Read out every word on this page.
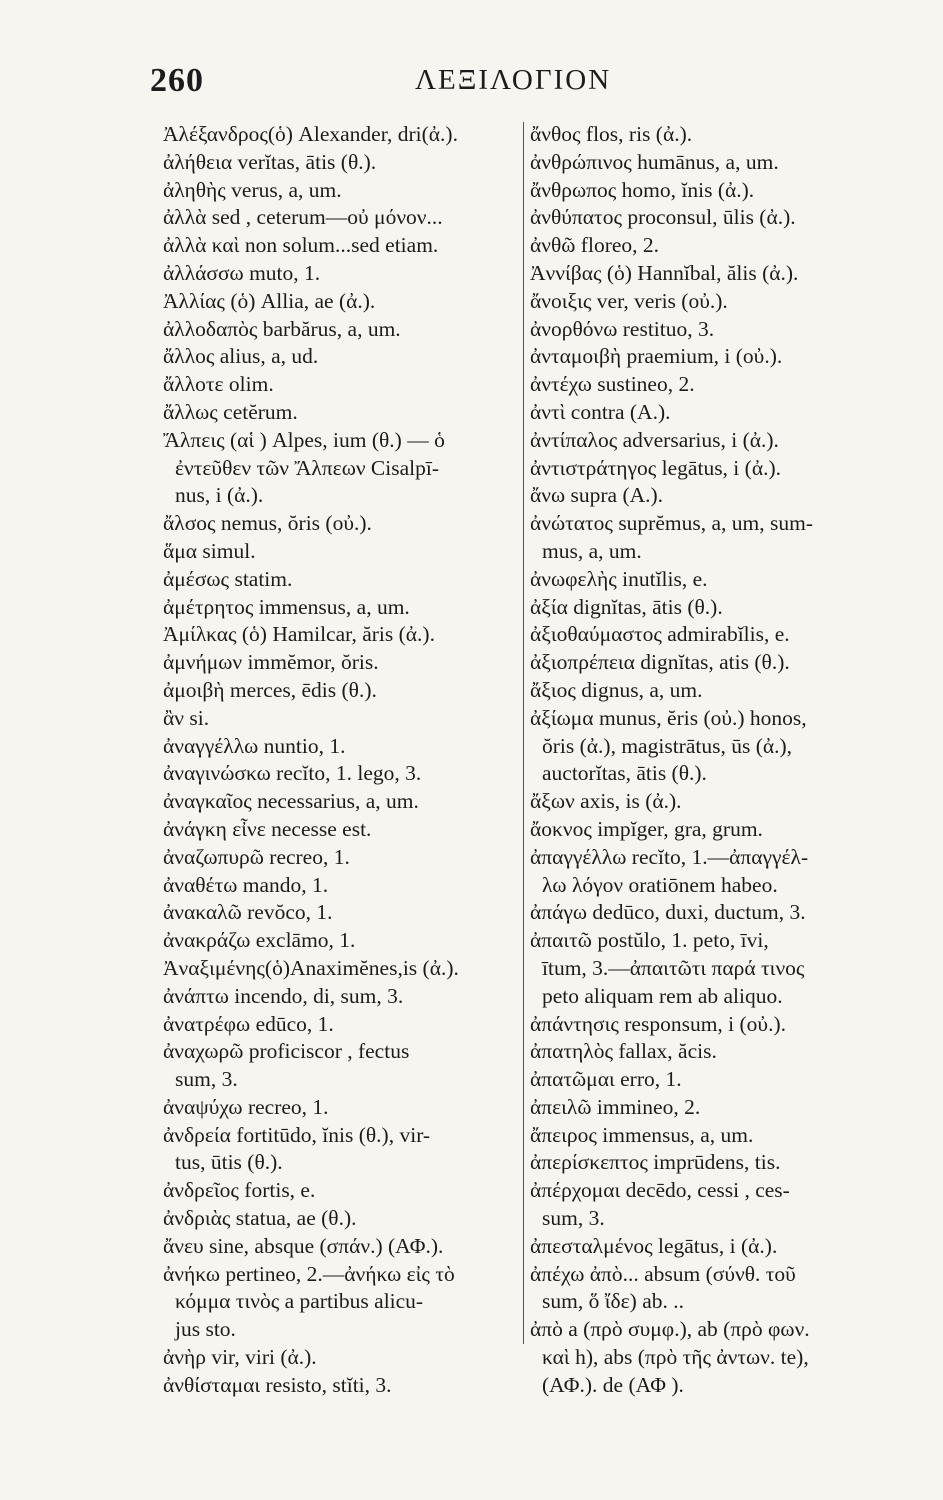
260	ΛΕΞΙΛΟΓΙΟΝ

Ἀλέξανδρος(ὁ) Alexander, dri(ἀ.).

ἀλήθεια verĭtas, ātis (θ.).

ἀληθὴς verus, a, um.

ἀλλὰ sed , ceterum—οὐ μόνον...

ἀλλὰ καὶ non solum...sed etiam.

ἀλλάσσω muto, 1.

Ἀλλίας (ὁ) Allia, ae (ἀ.).

ἀλλοδαπὸς barbărus, a, um.

ἄλλος alius, a, ud.

ἄλλοτε olim.

ἄλλως cetĕrum.

Ἄλπεις (αἱ ) Alpes, ium (θ.) — ὁ

ἐντεῦθεν τῶν Ἄλπεων Cisalpī-

nus, i (ἀ.).

ἄλσος nemus, ŏris (οὐ.).

ἅμα simul.

ἀμέσως statim.

ἀμέτρητος immensus, a, um.

Ἀμίλκας (ὁ) Hamilcar, ăris (ἀ.).

ἀμνήμων immĕmor, ŏris.

ἀμοιβὴ merces, ēdis (θ.).

ἂν si.

ἀναγγέλλω nuntio, 1.

ἀναγινώσκω recĭto, 1. lego, 3.

ἀναγκαῖος necessarius, a, um.

ἀνάγκη εἶνε necesse est.

ἀναζωπυρῶ recreo, 1.

ἀναθέτω mando, 1.

ἀνακαλῶ revŏco, 1.

ἀνακράζω exclāmo, 1.

Ἀναξιμένης(ὁ)Anaximĕnes,is (ἀ.).

ἀνάπτω incendo, di, sum, 3.

ἀνατρέφω edūco, 1.

ἀναχωρῶ proficiscor , fectus

sum, 3.

ἀναψύχω recreo, 1.

ἀνδρεία fortitūdo, ĭnis (θ.), vir-

tus, ūtis (θ.).

ἀνδρεῖος fortis, e.

ἀνδριὰς statua, ae (θ.).

ἄνευ sine, absque (σπάν.) (ΑΦ.).

ἀνήκω pertineo, 2.—ἀνήκω εἰς τὸ

κόμμα τινὸς a partibus alicu-

jus sto.

ἀνὴρ vir, viri (ἀ.).

ἀνθίσταμαι resisto, stĭti, 3.

ἄνθος flos, ris (ἀ.).

ἀνθρώπινος humānus, a, um.

ἄνθρωπος homo, ĭnis (ἀ.).

ἀνθύπατος proconsul, ūlis (ἀ.).

ἀνθῶ floreo, 2.

Ἀννίβας (ὁ) Hannĭbal, ălis (ἀ.).

ἄνοιξις ver, veris (οὐ.).

ἀνορθόνω restituo, 3.

ἀνταμοιβὴ praemium, i (οὐ.).

ἀντέχω sustineo, 2.

ἀντὶ contra (Α.).

ἀντίπαλος adversarius, i (ἀ.).

ἀντιστράτηγος legātus, i (ἀ.).

ἄνω supra (Α.).

ἀνώτατος suprĕmus, a, um, sum-

mus, a, um.

ἀνωφελὴς inutĭlis, e.

ἀξία dignĭtas, ātis (θ.).

ἀξιοθαύμαστος admirabĭlis, e.

ἀξιοπρέπεια dignĭtas, atis (θ.).

ἄξιος dignus, a, um.

ἀξίωμα munus, ĕris (οὐ.) honos,

ŏris (ἀ.), magistrātus, ūs (ἀ.),

auctorĭtas, ātis (θ.).

ἄξων axis, is (ἀ.).

ἄοκνος impĭger, gra, grum.

ἀπαγγέλλω recĭto, 1.—ἀπαγγέλ-

λω λόγον oratiōnem habeo.

ἀπάγω dedūco, duxi, ductum, 3.

ἀπαιτῶ postŭlo, 1. peto, īvi,

ītum, 3.—ἀπαιτῶτι παρά τινος

peto aliquam rem ab aliquo.

ἀπάντησις responsum, i (οὐ.).

ἀπατηλὸς fallax, ăcis.

ἀπατῶμαι erro, 1.

ἀπειλῶ immineo, 2.

ἄπειρος immensus, a, um.

ἀπερίσκεπτος imprūdens, tis.

ἀπέρχομαι decēdo, cessi , ces-

sum, 3.

ἀπεσταλμένος legātus, i (ἀ.).

ἀπέχω ἀπὸ... absum (σύνθ. τοῦ

sum, ὅ ἴδε) ab. ..

ἀπὸ a (πρὸ συμφ.), ab (πρὸ φων.

καὶ h), abs (πρὸ τῆς ἀντων. te),

(ΑΦ.). de (ΑΦ ).
